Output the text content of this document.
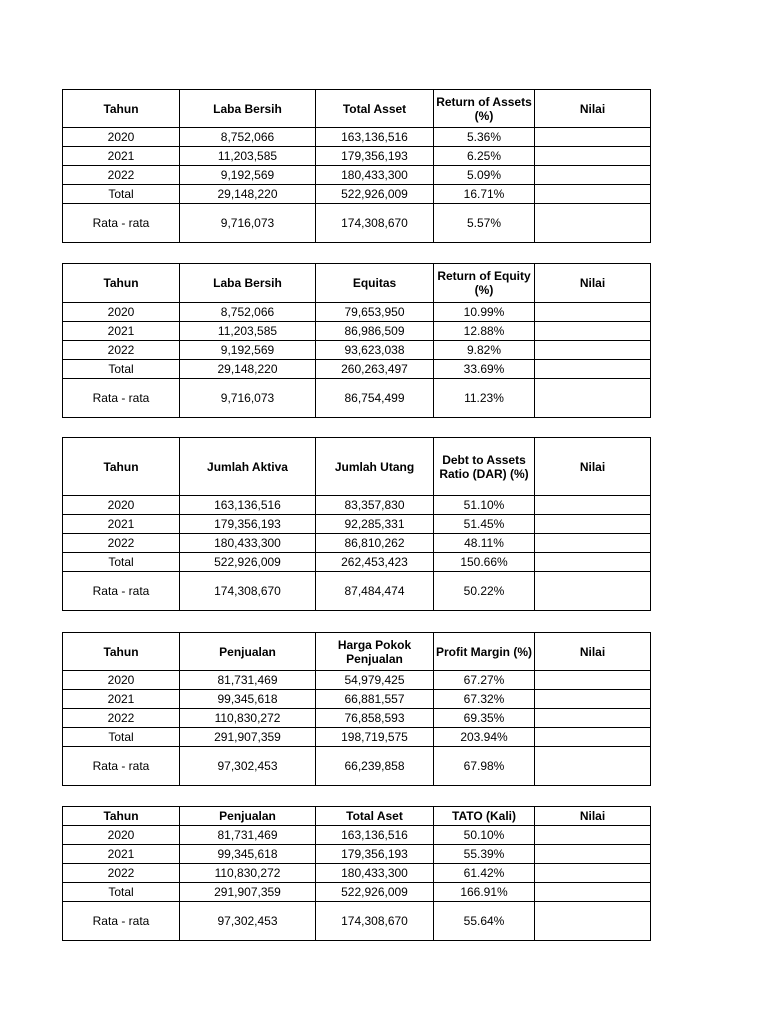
Tahun	Laba Bersih	Total Asset	Return of Assets (%)	Nilai
2020	8,752,066	163,136,516	5.36%	
2021	11,203,585	179,356,193	6.25%	
2022	9,192,569	180,433,300	5.09%	
Total	29,148,220	522,926,009	16.71%	
Rata - rata	9,716,073	174,308,670	5.57%	
Tahun	Laba Bersih	Equitas	Return of Equity (%)	Nilai
2020	8,752,066	79,653,950	10.99%	
2021	11,203,585	86,986,509	12.88%	
2022	9,192,569	93,623,038	9.82%	
Total	29,148,220	260,263,497	33.69%	
Rata - rata	9,716,073	86,754,499	11.23%	
Tahun	Jumlah Aktiva	Jumlah Utang	Debt to Assets Ratio (DAR) (%)	Nilai
2020	163,136,516	83,357,830	51.10%	
2021	179,356,193	92,285,331	51.45%	
2022	180,433,300	86,810,262	48.11%	
Total	522,926,009	262,453,423	150.66%	
Rata - rata	174,308,670	87,484,474	50.22%	
Tahun	Penjualan	Harga Pokok Penjualan	Profit Margin (%)	Nilai
2020	81,731,469	54,979,425	67.27%	
2021	99,345,618	66,881,557	67.32%	
2022	110,830,272	76,858,593	69.35%	
Total	291,907,359	198,719,575	203.94%	
Rata - rata	97,302,453	66,239,858	67.98%	
Tahun	Penjualan	Total Aset	TATO (Kali)	Nilai
2020	81,731,469	163,136,516	50.10%	
2021	99,345,618	179,356,193	55.39%	
2022	110,830,272	180,433,300	61.42%	
Total	291,907,359	522,926,009	166.91%	
Rata - rata	97,302,453	174,308,670	55.64%	
